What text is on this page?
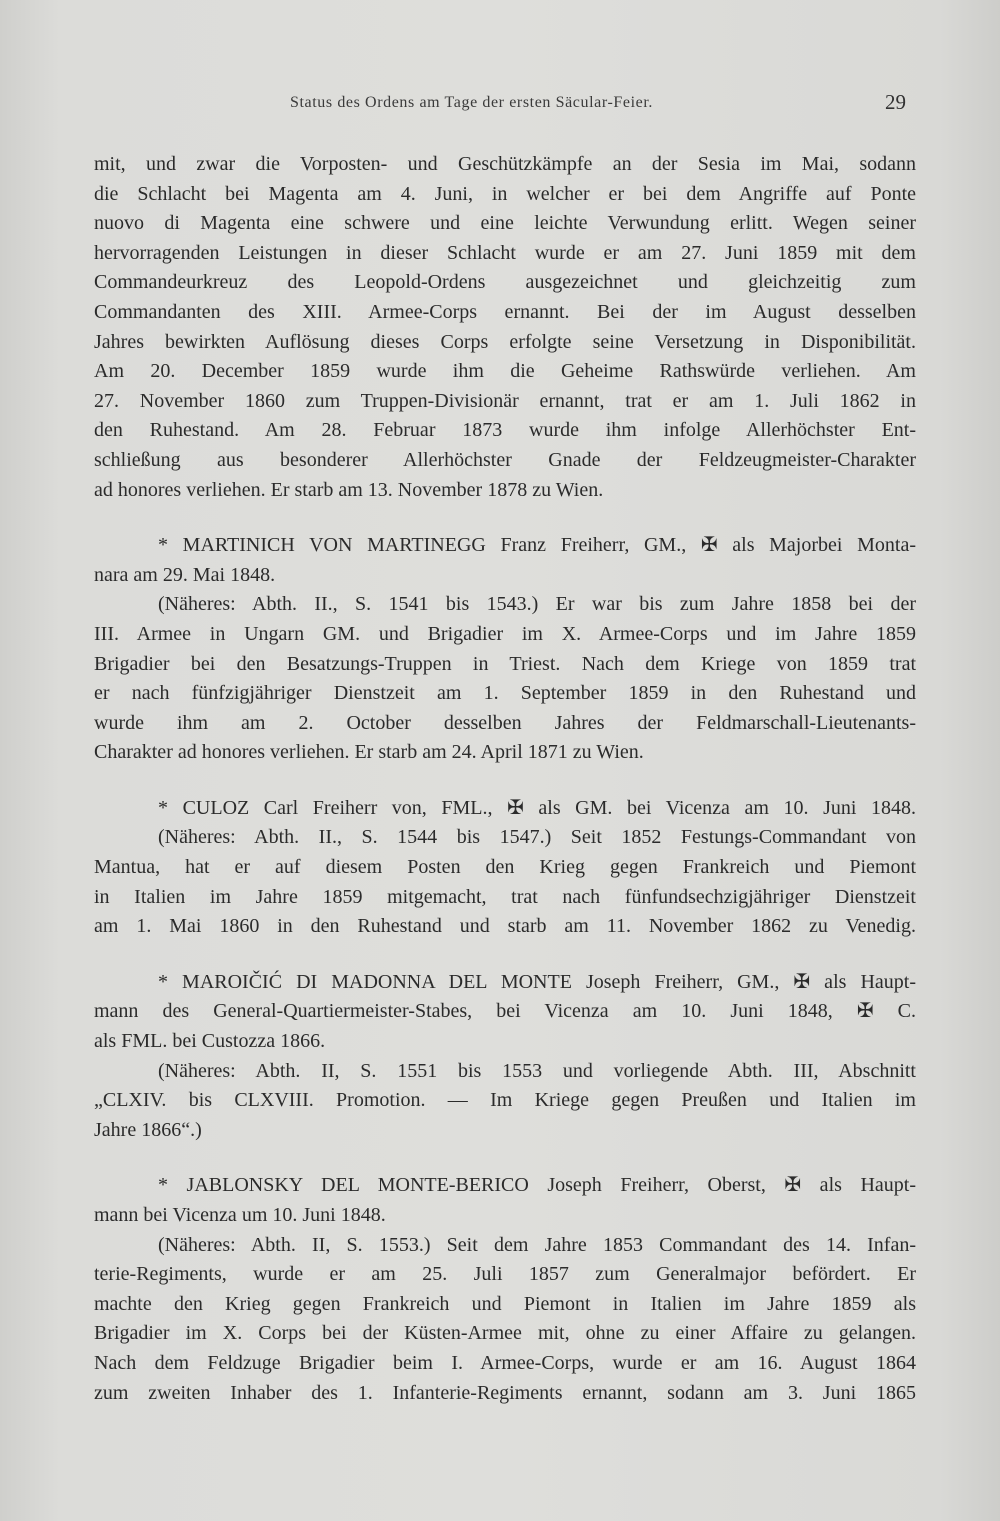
Status des Ordens am Tage der ersten Säcular-Feier.	29
mit, und zwar die Vorposten- und Geschützkämpfe an der Sesia im Mai, sodann
die Schlacht bei Magenta am 4. Juni, in welcher er bei dem Angriffe auf Ponte
nuovo di Magenta eine schwere und eine leichte Verwundung erlitt. Wegen seiner
hervorragenden Leistungen in dieser Schlacht wurde er am 27. Juni 1859 mit dem
Commandeurkreuz des Leopold-Ordens ausgezeichnet und gleichzeitig zum
Commandanten des XIII. Armee-Corps ernannt. Bei der im August desselben
Jahres bewirkten Auflösung dieses Corps erfolgte seine Versetzung in Disponibilität.
Am 20. December 1859 wurde ihm die Geheime Rathswürde verliehen. Am
27. November 1860 zum Truppen-Divisionär ernannt, trat er am 1. Juli 1862 in
den Ruhestand. Am 28. Februar 1873 wurde ihm infolge Allerhöchster Ent-
schließung aus besonderer Allerhöchster Gnade der Feldzeugmeister-Charakter
ad honores verliehen. Er starb am 13. November 1878 zu Wien.
* MARTINICH VON MARTINEGG Franz Freiherr, GM., ✠ als Majorbei Monta-
nara am 29. Mai 1848.
(Näheres: Abth. II., S. 1541 bis 1543.) Er war bis zum Jahre 1858 bei der
III. Armee in Ungarn GM. und Brigadier im X. Armee-Corps und im Jahre 1859
Brigadier bei den Besatzungs-Truppen in Triest. Nach dem Kriege von 1859 trat
er nach fünfzigjähriger Dienstzeit am 1. September 1859 in den Ruhestand und
wurde ihm am 2. October desselben Jahres der Feldmarschall-Lieutenants-
Charakter ad honores verliehen. Er starb am 24. April 1871 zu Wien.
* CULOZ Carl Freiherr von, FML., ✠ als GM. bei Vicenza am 10. Juni 1848.
(Näheres: Abth. II., S. 1544 bis 1547.) Seit 1852 Festungs-Commandant von
Mantua, hat er auf diesem Posten den Krieg gegen Frankreich und Piemont
in Italien im Jahre 1859 mitgemacht, trat nach fünfundsechzigjähriger Dienstzeit
am 1. Mai 1860 in den Ruhestand und starb am 11. November 1862 zu Venedig.
* MAROIČIĆ DI MADONNA DEL MONTE Joseph Freiherr, GM., ✠ als Haupt-
mann des General-Quartiermeister-Stabes, bei Vicenza am 10. Juni 1848, ✠ C.
als FML. bei Custozza 1866.
(Näheres: Abth. II, S. 1551 bis 1553 und vorliegende Abth. III, Abschnitt
„CLXIV. bis CLXVIII. Promotion. — Im Kriege gegen Preußen und Italien im
Jahre 1866“.)
* JABLONSKY DEL MONTE-BERICO Joseph Freiherr, Oberst, ✠ als Haupt-
mann bei Vicenza um 10. Juni 1848.
(Näheres: Abth. II, S. 1553.) Seit dem Jahre 1853 Commandant des 14. Infan-
terie-Regiments, wurde er am 25. Juli 1857 zum Generalmajor befördert. Er
machte den Krieg gegen Frankreich und Piemont in Italien im Jahre 1859 als
Brigadier im X. Corps bei der Küsten-Armee mit, ohne zu einer Affaire zu gelangen.
Nach dem Feldzuge Brigadier beim I. Armee-Corps, wurde er am 16. August 1864
zum zweiten Inhaber des 1. Infanterie-Regiments ernannt, sodann am 3. Juni 1865
